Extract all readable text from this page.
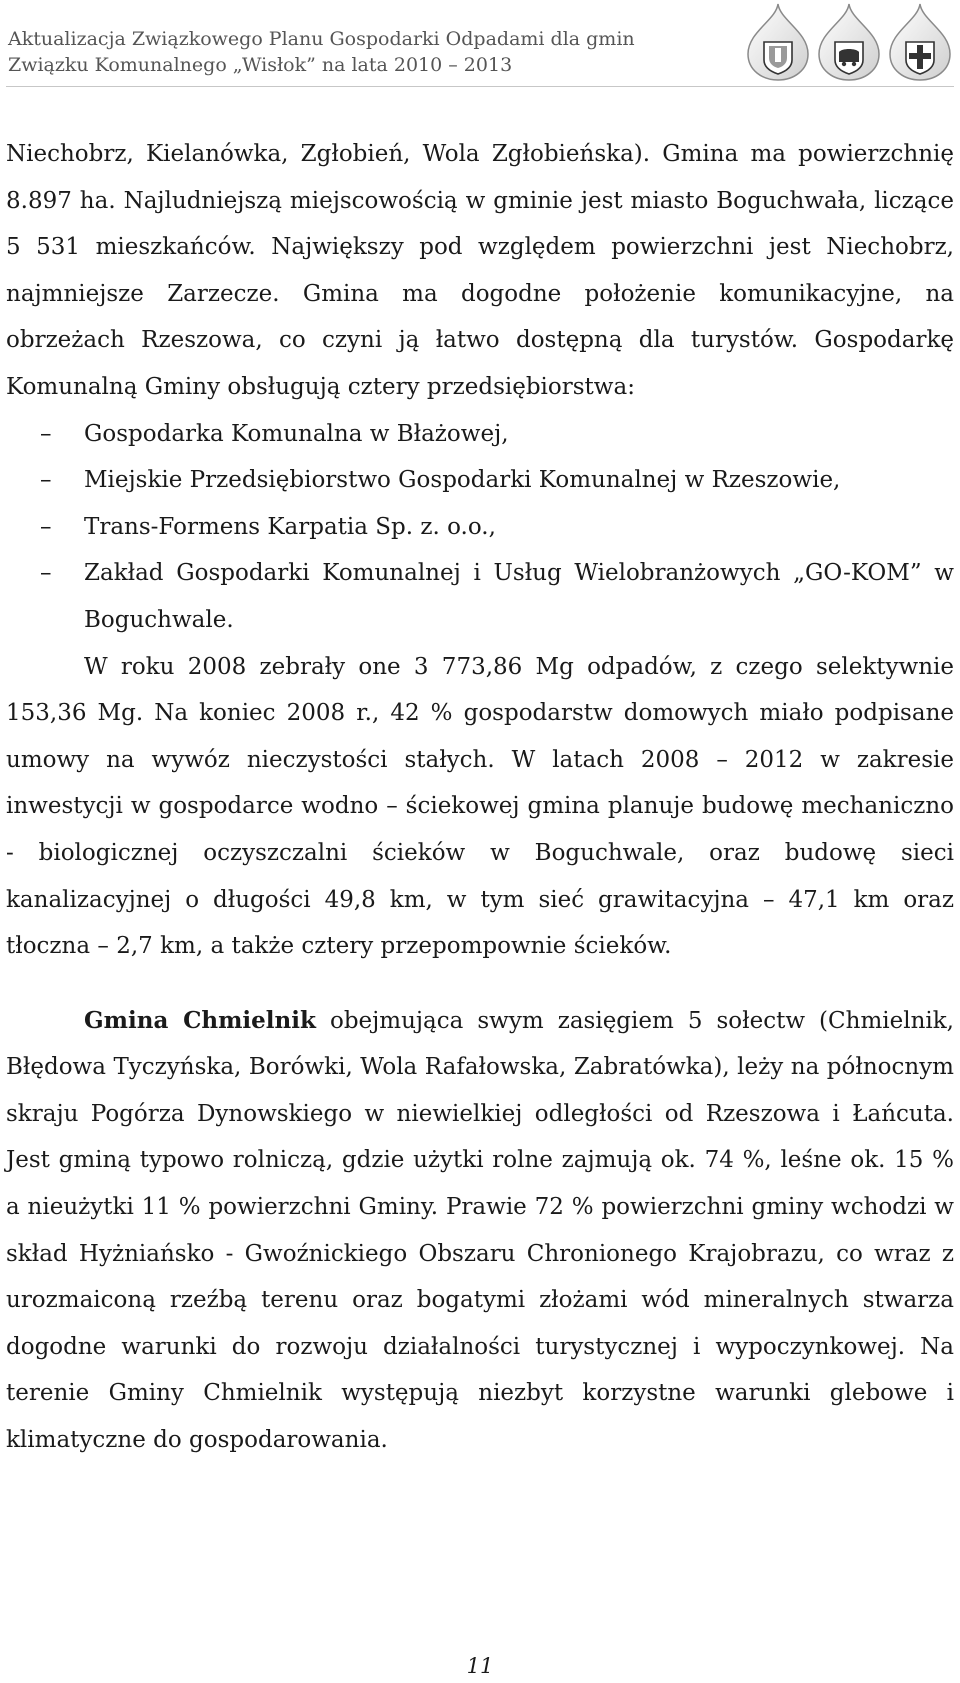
Aktualizacja Związkowego Planu Gospodarki Odpadami dla gmin
Związku Komunalnego „Wisłok” na lata 2010 – 2013

Niechobrz, Kielanówka, Zgłobień, Wola Zgłobieńska). Gmina ma powierzchnię 8.897 ha. Najludniejszą miejscowością w gminie jest miasto Boguchwała, liczące 5 531 mieszkańców. Największy pod względem powierzchni jest Niechobrz, najmniejsze Zarzecze. Gmina ma dogodne położenie komunikacyjne, na obrzeżach Rzeszowa, co czyni ją łatwo dostępną dla turystów. Gospodarkę Komunalną Gminy obsługują cztery przedsiębiorstwa:

– Gospodarka Komunalna w Błażowej,

– Miejskie Przedsiębiorstwo Gospodarki Komunalnej w Rzeszowie,

– Trans-Formens Karpatia Sp. z. o.o.,

– Zakład Gospodarki Komunalnej i Usług Wielobranżowych „GO-KOM” w Boguchwale.

W roku 2008 zebrały one 3 773,86 Mg odpadów, z czego selektywnie 153,36 Mg. Na koniec 2008 r., 42 % gospodarstw domowych miało podpisane umowy na wywóz nieczystości stałych. W latach 2008 – 2012 w zakresie inwestycji w gospodarce wodno – ściekowej gmina planuje budowę mechaniczno - biologicznej oczyszczalni ścieków w Boguchwale, oraz budowę sieci kanalizacyjnej o długości 49,8 km, w tym sieć grawitacyjna – 47,1 km oraz tłoczna – 2,7 km, a także cztery przepompownie ścieków.

Gmina Chmielnik obejmująca swym zasięgiem 5 sołectw (Chmielnik, Błędowa Tyczyńska, Borówki, Wola Rafałowska, Zabratówka), leży na północnym skraju Pogórza Dynowskiego w niewielkiej odległości od Rzeszowa i Łańcuta. Jest gminą typowo rolniczą, gdzie użytki rolne zajmują ok. 74 %, leśne ok. 15 % a nieużytki 11 % powierzchni Gminy. Prawie 72 % powierzchni gminy wchodzi w skład Hyżniańsko - Gwoźnickiego Obszaru Chronionego Krajobrazu, co wraz z urozmaiconą rzeźbą terenu oraz bogatymi złożami wód mineralnych stwarza dogodne warunki do rozwoju działalności turystycznej i wypoczynkowej. Na terenie Gminy Chmielnik występują niezbyt korzystne warunki glebowe i klimatyczne do gospodarowania.

11
